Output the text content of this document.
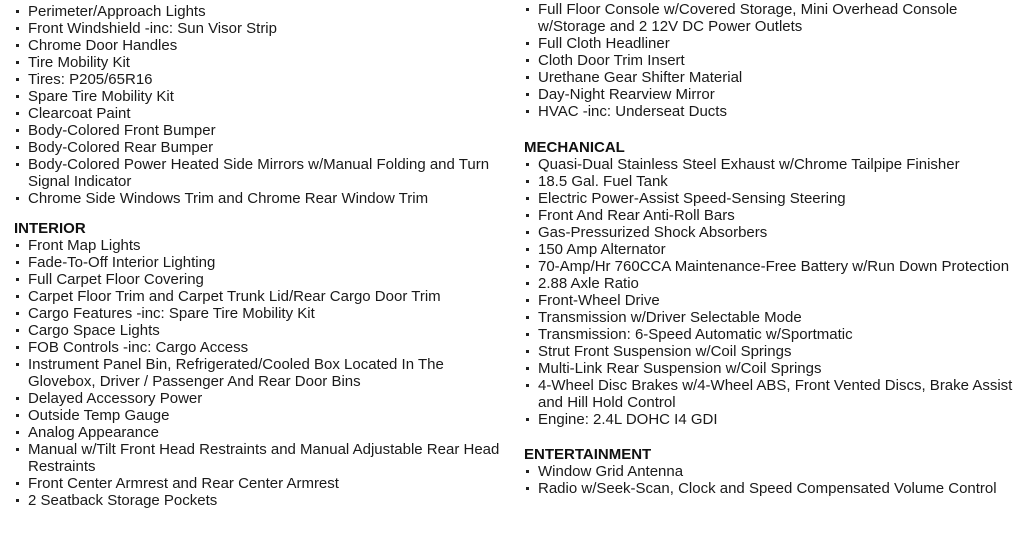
Perimeter/Approach Lights
Front Windshield -inc: Sun Visor Strip
Chrome Door Handles
Tire Mobility Kit
Tires: P205/65R16
Spare Tire Mobility Kit
Clearcoat Paint
Body-Colored Front Bumper
Body-Colored Rear Bumper
Body-Colored Power Heated Side Mirrors w/Manual Folding and Turn Signal Indicator
Chrome Side Windows Trim and Chrome Rear Window Trim
INTERIOR
Front Map Lights
Fade-To-Off Interior Lighting
Full Carpet Floor Covering
Carpet Floor Trim and Carpet Trunk Lid/Rear Cargo Door Trim
Cargo Features -inc: Spare Tire Mobility Kit
Cargo Space Lights
FOB Controls -inc: Cargo Access
Instrument Panel Bin, Refrigerated/Cooled Box Located In The Glovebox, Driver / Passenger And Rear Door Bins
Delayed Accessory Power
Outside Temp Gauge
Analog Appearance
Manual w/Tilt Front Head Restraints and Manual Adjustable Rear Head Restraints
Front Center Armrest and Rear Center Armrest
2 Seatback Storage Pockets
Full Floor Console w/Covered Storage, Mini Overhead Console w/Storage and 2 12V DC Power Outlets
Full Cloth Headliner
Cloth Door Trim Insert
Urethane Gear Shifter Material
Day-Night Rearview Mirror
HVAC -inc: Underseat Ducts
MECHANICAL
Quasi-Dual Stainless Steel Exhaust w/Chrome Tailpipe Finisher
18.5 Gal. Fuel Tank
Electric Power-Assist Speed-Sensing Steering
Front And Rear Anti-Roll Bars
Gas-Pressurized Shock Absorbers
150 Amp Alternator
70-Amp/Hr 760CCA Maintenance-Free Battery w/Run Down Protection
2.88 Axle Ratio
Front-Wheel Drive
Transmission w/Driver Selectable Mode
Transmission: 6-Speed Automatic w/Sportmatic
Strut Front Suspension w/Coil Springs
Multi-Link Rear Suspension w/Coil Springs
4-Wheel Disc Brakes w/4-Wheel ABS, Front Vented Discs, Brake Assist and Hill Hold Control
Engine: 2.4L DOHC I4 GDI
ENTERTAINMENT
Window Grid Antenna
Radio w/Seek-Scan, Clock and Speed Compensated Volume Control
